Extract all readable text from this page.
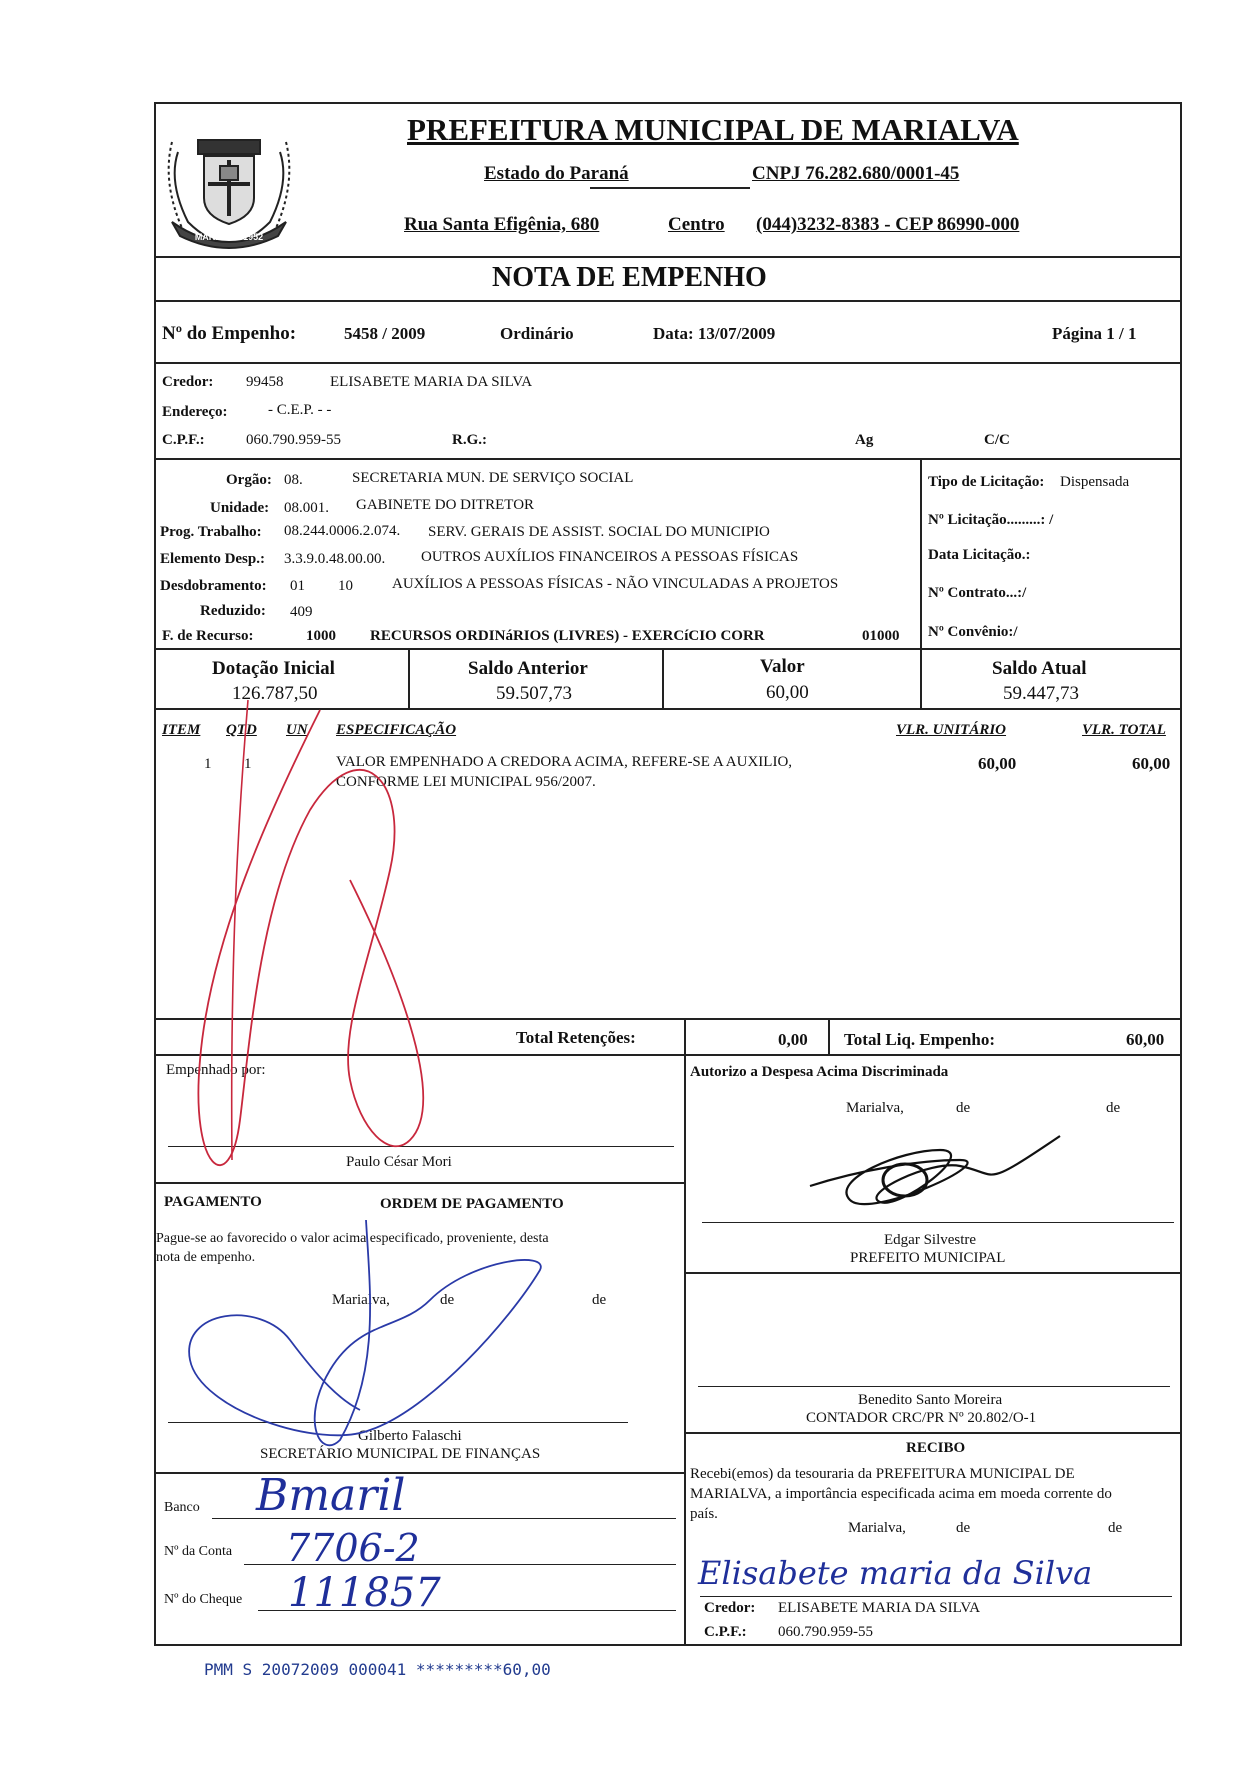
MARIALVA 1952
PREFEITURA MUNICIPAL DE MARIALVA
Estado do Paraná	CNPJ 76.282.680/0001-45
Rua Santa Efigênia, 680	Centro (044)3232-8383 - CEP 86990-000
NOTA DE EMPENHO
Nº do Empenho:	5458 / 2009	Ordinário	Data: 13/07/2009	Página 1 / 1
Credor: 99458	ELISABETE MARIA DA SILVA
Endereço:	- C.E.P. - -
C.P.F.:	060.790.959-55	R.G.:	Ag	C/C
Orgão: 08.	SECRETARIA MUN. DE SERVIÇO SOCIAL
Unidade: 08.001. GABINETE DO DITRETOR
Prog. Trabalho: 08.244.0006.2.074. SERV. GERAIS DE ASSIST. SOCIAL DO MUNICIPIO
Elemento Desp.: 3.3.9.0.48.00.00. OUTROS AUXÍLIOS FINANCEIROS A PESSOAS FÍSICAS
Desdobramento: 01 10	AUXÍLIOS A PESSOAS FÍSICAS - NÃO VINCULADAS A PROJETOS
Reduzido: 409
F. de Recurso:	1000 RECURSOS ORDINáRIOS (LIVRES) - EXERCíCIO CORR	01000
Tipo de Licitação: Dispensada
Nº Licitação.........: /
Data Licitação.:
Nº Contrato...:/
Nº Convênio:/
Dotação Inicial
126.787,50
Saldo Anterior
59.507,73
Valor
60,00
Saldo Atual
59.447,73
ITEM QTD UN ESPECIFICAÇÃO	VLR. UNITÁRIO	VLR. TOTAL
1 1	VALOR EMPENHADO A CREDORA ACIMA, REFERE-SE A AUXILIO,
CONFORME LEI MUNICIPAL 956/2007.
60,00	60,00
Total Retenções:	0,00 Total Liq. Empenho:	60,00
Empenhado por:
Paulo César Mori
Autorizo a Despesa Acima Discriminada
Marialva,	de	de
Edgar Silvestre
PREFEITO MUNICIPAL
PAGAMENTO	ORDEM DE PAGAMENTO
Pague-se ao favorecido o valor acima especificado, proveniente, desta
nota de empenho.
Marialva,	de	de
Gilberto Falaschi
SECRETÁRIO MUNICIPAL DE FINANÇAS
Benedito Santo Moreira
CONTADOR CRC/PR Nº 20.802/O-1
RECIBO
Recebi(emos) da tesouraria da PREFEITURA MUNICIPAL DE
MARIALVA, a importância especificada acima em moeda corrente do
país.
Marialva,	de	de
Credor: ELISABETE MARIA DA SILVA
C.P.F.: 060.790.959-55
Banco
Nº da Conta
Nº do Cheque
Bmaril
7706-2
111857	Elisabete maria da Silva
PMM S 20072009 000041 *********60,00
